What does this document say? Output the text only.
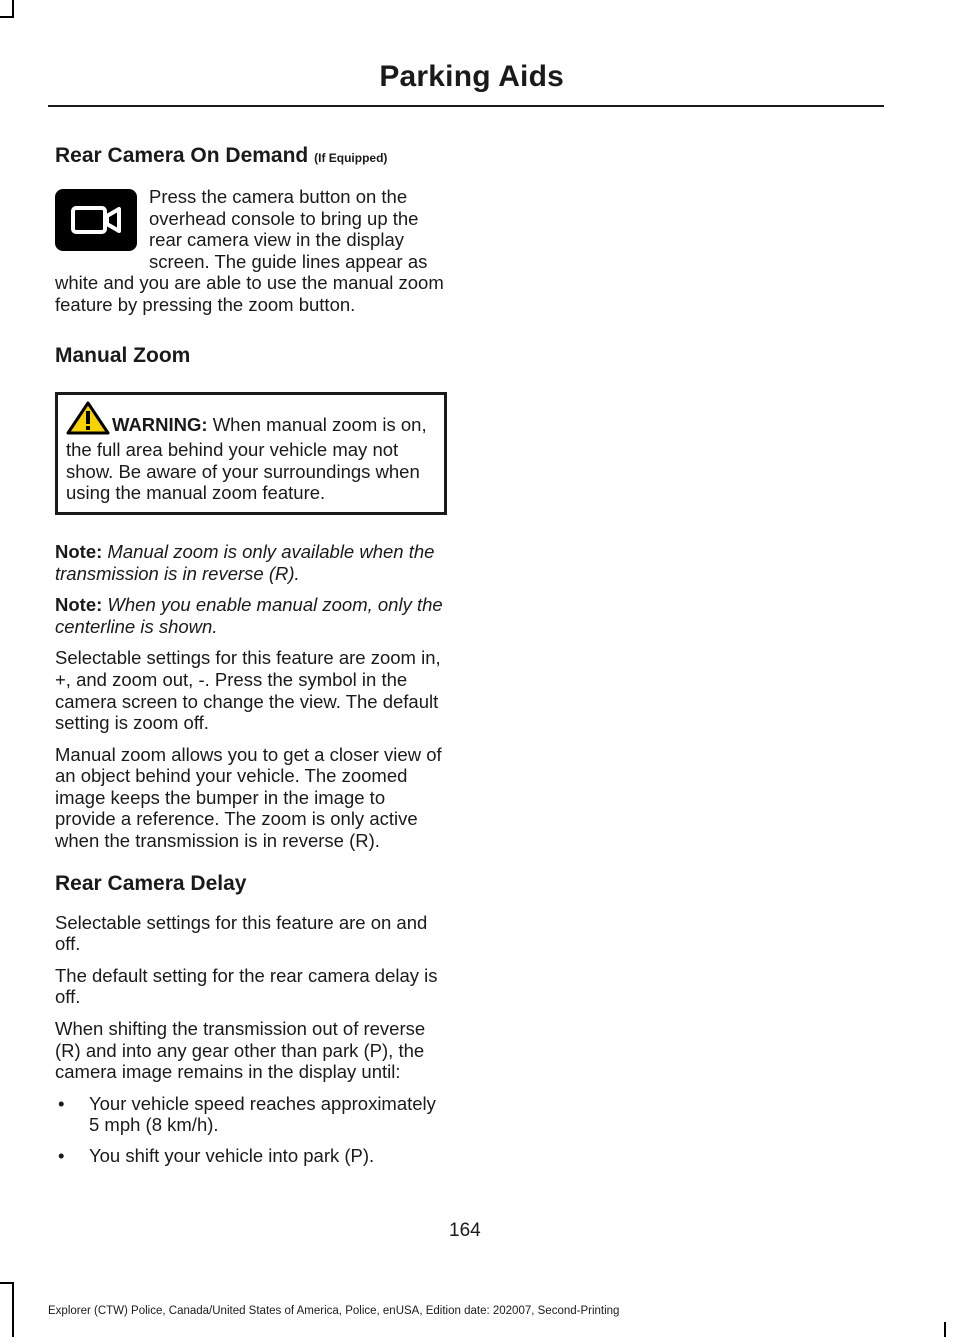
Parking Aids
Rear Camera On Demand (If Equipped)

Press the camera button on the overhead console to bring up the rear camera view in the display screen. The guide lines appear as white and you are able to use the manual zoom feature by pressing the zoom button.

Manual Zoom
WARNING: When manual zoom is on, the full area behind your vehicle may not show. Be aware of your surroundings when using the manual zoom feature.

Note: Manual zoom is only available when the transmission is in reverse (R).

Note: When you enable manual zoom, only the centerline is shown.

Selectable settings for this feature are zoom in, +, and zoom out, -. Press the symbol in the camera screen to change the view. The default setting is zoom off.

Manual zoom allows you to get a closer view of an object behind your vehicle. The zoomed image keeps the bumper in the image to provide a reference. The zoom is only active when the transmission is in reverse (R).

Rear Camera Delay

Selectable settings for this feature are on and off.

The default setting for the rear camera delay is off.

When shifting the transmission out of reverse (R) and into any gear other than park (P), the camera image remains in the display until:

• Your vehicle speed reaches approximately 5 mph (8 km/h).
• You shift your vehicle into park (P).
164
Explorer (CTW) Police, Canada/United States of America, Police, enUSA, Edition date: 202007, Second-Printing
